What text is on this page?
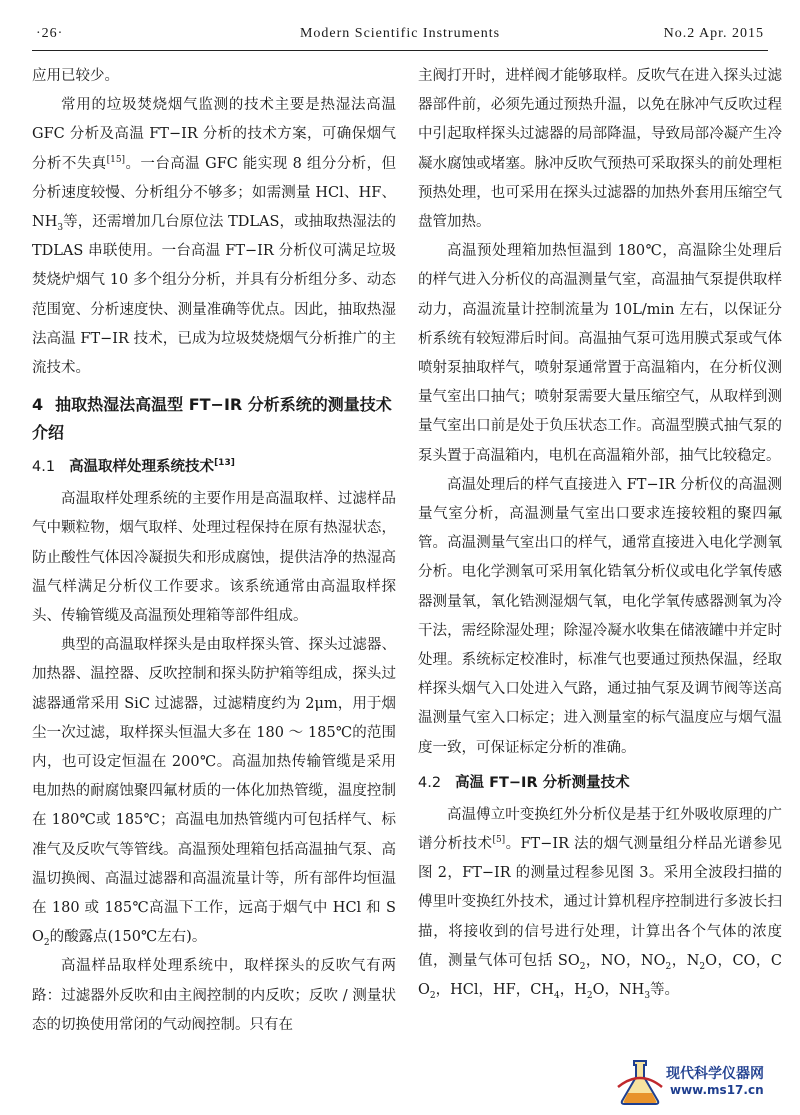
·26·	Modern Scientific Instruments	No.2 Apr. 2015

应用已较少。

常用的垃圾焚烧烟气监测的技术主要是热湿法高温 GFC 分析及高温 FT−IR 分析的技术方案，可确保烟气分析不失真[15]。一台高温 GFC 能实现 8 组分分析，但分析速度较慢、分析组分不够多；如需测量 HCl、HF、$NH_3$等，还需增加几台原位法 TDLAS，或抽取热湿法的 TDLAS 串联使用。一台高温 FT−IR 分析仪可满足垃圾焚烧炉烟气 10 多个组分分析，并具有分析组分多、动态范围宽、分析速度快、测量准确等优点。因此，抽取热湿法高温 FT−IR 技术，已成为垃圾焚烧烟气分析推广的主流技术。

4 抽取热湿法高温型 FT−IR 分析系统的测量技术介绍
4.1 高温取样处理系统技术[13]

高温取样处理系统的主要作用是高温取样、过滤样品气中颗粒物，烟气取样、处理过程保持在原有热湿状态，防止酸性气体因冷凝损失和形成腐蚀，提供洁净的热湿高温气样满足分析仪工作要求。该系统通常由高温取样探头、传输管缆及高温预处理箱等部件组成。

典型的高温取样探头是由取样探头管、探头过滤器、加热器、温控器、反吹控制和探头防护箱等组成，探头过滤器通常采用 SiC 过滤器，过滤精度约为 2μm，用于烟尘一次过滤，取样探头恒温大多在 180 ～ 185℃的范围内，也可设定恒温在 200℃。高温加热传输管缆是采用电加热的耐腐蚀聚四氟材质的一体化加热管缆，温度控制在 180℃或 185℃；高温电加热管缆内可包括样气、标准气及反吹气等管线。高温预处理箱包括高温抽气泵、高温切换阀、高温过滤器和高温流量计等，所有部件均恒温在 180 或 185℃高温下工作，远高于烟气中 HCl 和 $SO_2$的酸露点(150℃左右)。

高温样品取样处理系统中，取样探头的反吹气有两路：过滤器外反吹和由主阀控制的内反吹；反吹 / 测量状态的切换使用常闭的气动阀控制。只有在

主阀打开时，进样阀才能够取样。反吹气在进入探头过滤器部件前，必须先通过预热升温，以免在脉冲气反吹过程中引起取样探头过滤器的局部降温，导致局部冷凝产生冷凝水腐蚀或堵塞。脉冲反吹气预热可采取探头的前处理柜预热处理，也可采用在探头过滤器的加热外套用压缩空气盘管加热。

高温预处理箱加热恒温到 180℃，高温除尘处理后的样气进入分析仪的高温测量气室，高温抽气泵提供取样动力，高温流量计控制流量为 10L/min 左右，以保证分析系统有较短滞后时间。高温抽气泵可选用膜式泵或气体喷射泵抽取样气，喷射泵通常置于高温箱内，在分析仪测量气室出口抽气；喷射泵需要大量压缩空气，从取样到测量气室出口前是处于负压状态工作。高温型膜式抽气泵的泵头置于高温箱内，电机在高温箱外部，抽气比较稳定。

高温处理后的样气直接进入 FT−IR 分析仪的高温测量气室分析，高温测量气室出口要求连接较粗的聚四氟管。高温测量气室出口的样气，通常直接进入电化学测氧分析。电化学测氧可采用氧化锆氧分析仪或电化学氧传感器测量氧，氧化锆测湿烟气氧，电化学氧传感器测氧为冷干法，需经除湿处理；除湿冷凝水收集在储液罐中并定时处理。系统标定校准时，标准气也要通过预热保温，经取样探头烟气入口处进入气路，通过抽气泵及调节阀等送高温测量气室入口标定；进入测量室的标气温度应与烟气温度一致，可保证标定分析的准确。

4.2 高温 FT−IR 分析测量技术

高温傅立叶变换红外分析仪是基于红外吸收原理的广谱分析技术[5]。FT−IR 法的烟气测量组分样品光谱参见图 2，FT−IR 的测量过程参见图 3。采用全波段扫描的傅里叶变换红外技术，通过计算机程序控制进行多波长扫描，将接收到的信号进行处理，计算出各个气体的浓度值，测量气体可包括 $SO_2$，NO，$NO_2$，$N_2O$，CO，$CO_2$，HCl，HF，$CH_4$，$H_2O$，$NH_3$等。

现代科学仪器网
www.ms17.cn
